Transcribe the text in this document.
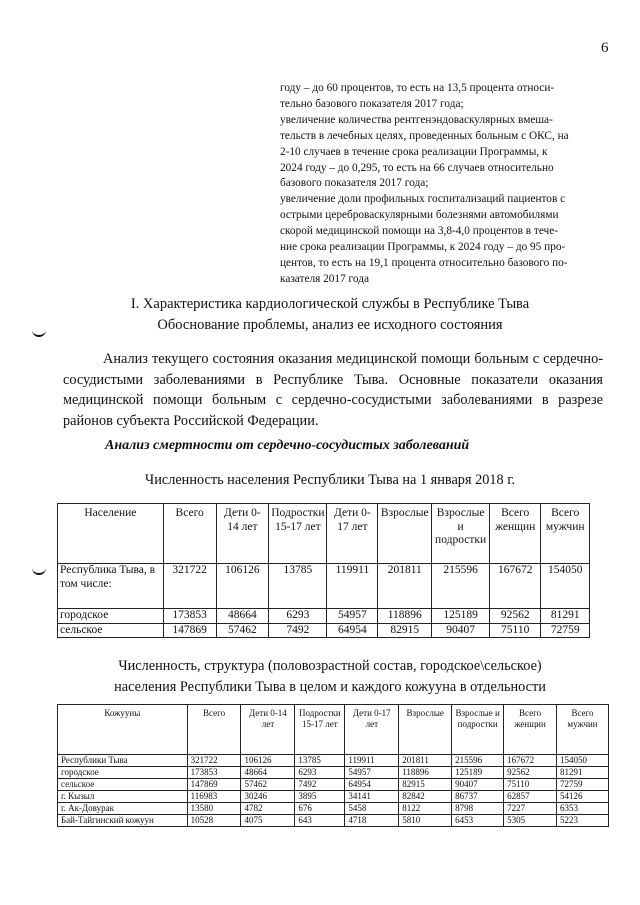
6

году – до 60 процентов, то есть на 13,5 процента относи-

тельно базового показателя 2017 года;

увеличение количества рентгенэндоваскулярных вмеша-

тельств в лечебных целях, проведенных больным с ОКС, на

2-10 случаев в течение срока реализации Программы, к

2024 году – до 0,295, то есть на 66 случаев относительно

базового показателя 2017 года;

увеличение доли профильных госпитализаций пациентов с

острыми цереброваскулярными болезнями автомобилями

скорой медицинской помощи на 3,8-4,0 процентов в тече-

ние срока реализации Программы, к 2024 году – до 95 про-

центов, то есть на 19,1 процента относительно базового по-

казателя 2017 года

I. Характеристика кардиологической службы в Республике Тыва
Обоснование проблемы, анализ ее исходного состояния
Анализ текущего состояния оказания медицинской помощи больным с сердечно-сосудистыми заболеваниями в Республике Тыва. Основные показатели оказания медицинской помощи больным с сердечно-сосудистыми заболеваниями в разрезе районов субъекта Российской Федерации.
Анализ смертности от сердечно-сосудистых заболеваний
Численность населения Республики Тыва на 1 января 2018 г.
Население	Всего	Дети 0-14 лет	Подростки 15-17 лет	Дети 0-17 лет	Взрослые	Взрослые и подростки	Всего женщин	Всего мужчин
Республика Тыва, в том числе:	321722	106126	13785	119911	201811	215596	167672	154050
городское	173853	48664	6293	54957	118896	125189	92562	81291
сельское	147869	57462	7492	64954	82915	90407	75110	72759
Численность, структура (половозрастной состав, городское\сельское)
населения Республики Тыва в целом и каждого кожууна в отдельности
Кожууны	Всего	Дети 0-14 лет	Подростки 15-17 лет	Дети 0-17 лет	Взрослые	Взрослые и подростки	Всего женщин	Всего мужчин
Республики Тыва	321722	106126	13785	119911	201811	215596	167672	154050
городское	173853	48664	6293	54957	118896	125189	92562	81291
сельское	147869	57462	7492	64954	82915	90407	75110	72759
г. Кызыл	116983	30246	3895	34141	82842	86737	62857	54126
г. Ак-Довурак	13580	4782	676	5458	8122	8798	7227	6353
Бай-Тайгинский кожуун	10528	4075	643	4718	5810	6453	5305	5223
